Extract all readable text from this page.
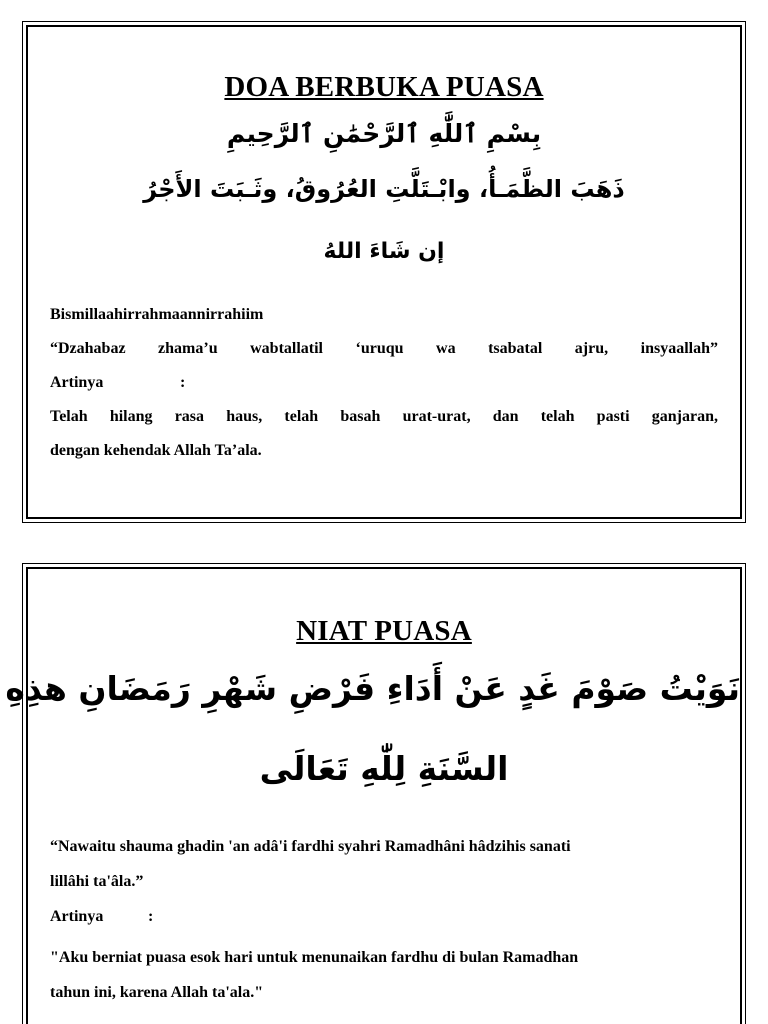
DOA BERBUKA PUASA
بِسْمِ ٱللَّٰهِ ٱلرَّحْمَٰنِ ٱلرَّحِيمِ
ذَهَبَ الظَّمَـأُ، وابْـتَلَّتِ العُرُوقُ، وثَـبَتَ الأَجْرُ
إن شَاءَ اللهُ

Bismillaahirrahmaannirrahiim

“Dzahabaz zhama’u wabtallatil ‘uruqu wa tsabatal ajru, insyaallah”

Artinya	:

Telah hilang rasa haus, telah basah urat-urat, dan telah pasti ganjaran,

dengan kehendak Allah Ta’ala.

NIAT PUASA
نَوَيْتُ صَوْمَ غَدٍ عَنْ أَدَاءِ فَرْضِ شَهْرِ رَمَضَانِ هذِهِ
السَّنَةِ لِلّٰهِ تَعَالَى

“Nawaitu shauma ghadin 'an adâ'i fardhi syahri Ramadhâni hâdzihis sanati

lillâhi ta'âla.”

Artinya	:

"Aku berniat puasa esok hari untuk menunaikan fardhu di bulan Ramadhan

tahun ini, karena Allah ta'ala."
